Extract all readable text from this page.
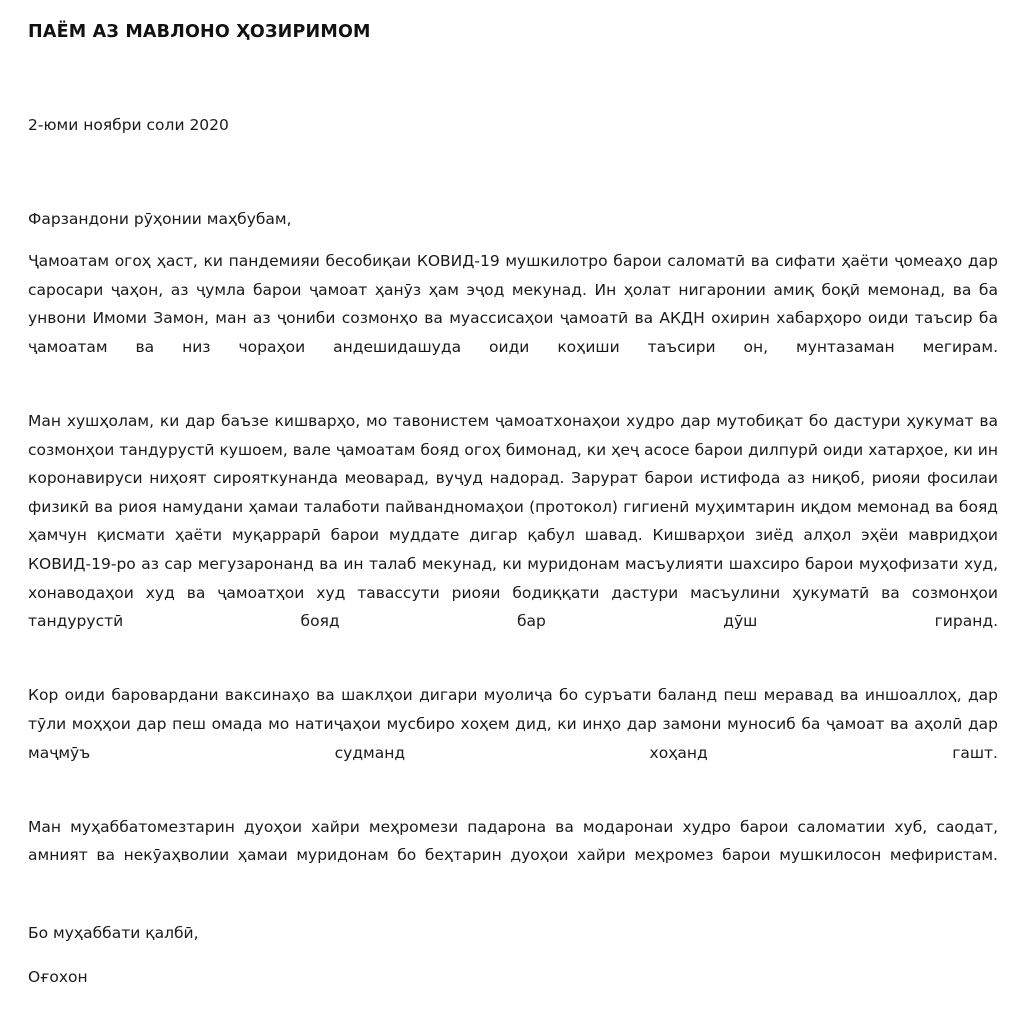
ПАЁМ АЗ МАВЛОНО ҲОЗИРИМОМ

2-юми ноябри соли 2020

Фарзандони рӯҳонии маҳбубам,

Ҷамоатам огоҳ ҳаст, ки пандемияи бесобиқаи КОВИД-19 мушкилотро барои саломатӣ ва сифати ҳаёти ҷомеаҳо дар саросари ҷаҳон, аз ҷумла барои ҷамоат ҳанӯз ҳам эҷод мекунад. Ин ҳолат нигаронии амиқ боқӣ мемонад, ва ба унвони Имоми Замон, ман аз ҷониби созмонҳо ва муассисаҳои ҷамоатӣ ва АКДН охирин хабарҳоро оиди таъсир ба ҷамоатам ва низ чораҳои андешидашуда оиди коҳиши таъсири он, мунтазаман мегирам.

Ман хушҳолам, ки дар баъзе кишварҳо, мо тавонистем ҷамоатхонаҳои худро дар мутобиқат бо дастури ҳукумат ва созмонҳои тандурустӣ кушоем, вале ҷамоатам бояд огоҳ бимонад, ки ҳеҷ асосе барои дилпурӣ оиди хатарҳое, ки ин коронавируси ниҳоят сирояткунанда меоварад, вуҷуд надорад. Зарурат барои истифода аз ниқоб, риояи фосилаи физикӣ ва риоя намудани ҳамаи талаботи пайвандномаҳои (протокол) гигиенӣ муҳимтарин иқдом мемонад ва бояд ҳамчун қисмати ҳаёти муқаррарӣ барои муддате дигар қабул шавад. Кишварҳои зиёд алҳол эҳёи мавридҳои КОВИД-19-ро аз сар мегузаронанд ва ин талаб мекунад, ки муридонам масъулияти шахсиро барои муҳофизати худ, хонаводаҳои худ ва ҷамоатҳои худ тавассути риояи бодиққати дастури масъулини ҳукуматӣ ва созмонҳои тандурустӣ бояд бар дӯш гиранд.

Кор оиди баровардани ваксинаҳо ва шаклҳои дигари муолиҷа бо суръати баланд пеш меравад ва иншоаллоҳ, дар тӯли моҳҳои дар пеш омада мо натиҷаҳои мусбиро хоҳем дид, ки инҳо дар замони муносиб ба ҷамоат ва аҳолӣ дар маҷмӯъ судманд хоҳанд гашт.

Ман муҳаббатомезтарин дуоҳои хайри меҳромези падарона ва модаронаи худро барои саломатии хуб, саодат, амният ва некӯаҳволии ҳамаи муридонам бо беҳтарин дуоҳои хайри меҳромез барои мушкилосон мефиристам.

Бо муҳаббати қалбӣ,

Оғохон
